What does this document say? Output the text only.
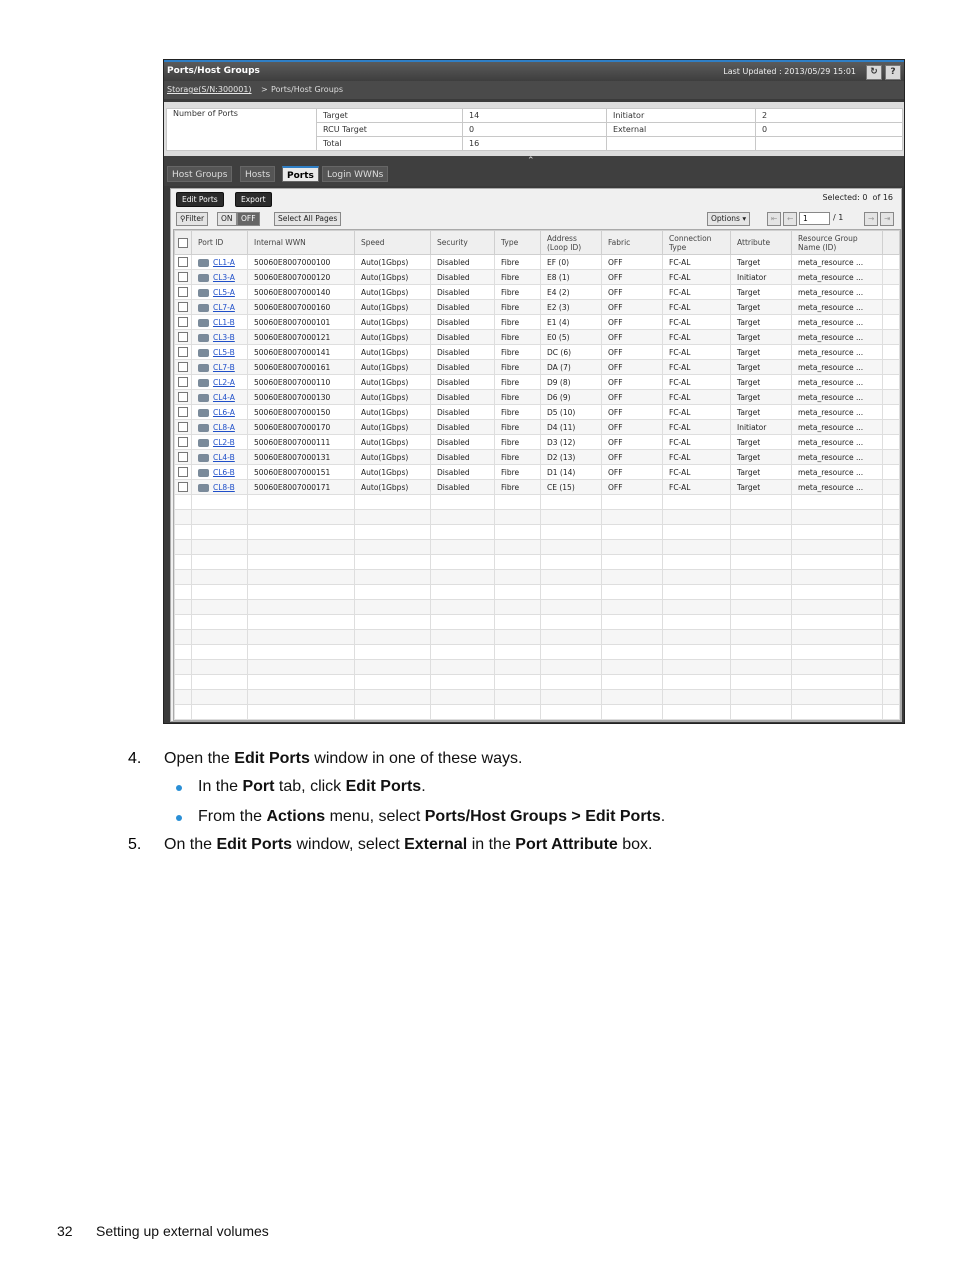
Ports/Host Groups	Last Updated : 2013/05/29 15:01	↻	?
Storage(S/N:300001) > Ports/Host Groups
Number of Ports	Target	14	Initiator	2
	RCU Target	0	External	0
	Total	16		
⌃
Host Groups	Hosts	Ports	Login WWNs
Edit Ports	Export	Selected: 0 of 16
⚲Filter	ON	OFF	Select All Pages	Options ▾	⇤	←	1	/ 1	→	⇥
	Port ID	Internal WWN	Speed	Security	Type	Address (Loop ID)	Fabric	Connection Type	Attribute	Resource Group Name (ID)	
	CL1-A	50060E8007000100	Auto(1Gbps)	Disabled	Fibre	EF (0)	OFF	FC-AL	Target	meta_resource ...	
	CL3-A	50060E8007000120	Auto(1Gbps)	Disabled	Fibre	E8 (1)	OFF	FC-AL	Initiator	meta_resource ...	
	CL5-A	50060E8007000140	Auto(1Gbps)	Disabled	Fibre	E4 (2)	OFF	FC-AL	Target	meta_resource ...	
	CL7-A	50060E8007000160	Auto(1Gbps)	Disabled	Fibre	E2 (3)	OFF	FC-AL	Target	meta_resource ...	
	CL1-B	50060E8007000101	Auto(1Gbps)	Disabled	Fibre	E1 (4)	OFF	FC-AL	Target	meta_resource ...	
	CL3-B	50060E8007000121	Auto(1Gbps)	Disabled	Fibre	E0 (5)	OFF	FC-AL	Target	meta_resource ...	
	CL5-B	50060E8007000141	Auto(1Gbps)	Disabled	Fibre	DC (6)	OFF	FC-AL	Target	meta_resource ...	
	CL7-B	50060E8007000161	Auto(1Gbps)	Disabled	Fibre	DA (7)	OFF	FC-AL	Target	meta_resource ...	
	CL2-A	50060E8007000110	Auto(1Gbps)	Disabled	Fibre	D9 (8)	OFF	FC-AL	Target	meta_resource ...	
	CL4-A	50060E8007000130	Auto(1Gbps)	Disabled	Fibre	D6 (9)	OFF	FC-AL	Target	meta_resource ...	
	CL6-A	50060E8007000150	Auto(1Gbps)	Disabled	Fibre	D5 (10)	OFF	FC-AL	Target	meta_resource ...	
	CL8-A	50060E8007000170	Auto(1Gbps)	Disabled	Fibre	D4 (11)	OFF	FC-AL	Initiator	meta_resource ...	
	CL2-B	50060E8007000111	Auto(1Gbps)	Disabled	Fibre	D3 (12)	OFF	FC-AL	Target	meta_resource ...	
	CL4-B	50060E8007000131	Auto(1Gbps)	Disabled	Fibre	D2 (13)	OFF	FC-AL	Target	meta_resource ...	
	CL6-B	50060E8007000151	Auto(1Gbps)	Disabled	Fibre	D1 (14)	OFF	FC-AL	Target	meta_resource ...	
	CL8-B	50060E8007000171	Auto(1Gbps)	Disabled	Fibre	CE (15)	OFF	FC-AL	Target	meta_resource ...	

4. Open the Edit Ports window in one of these ways.
In the Port tab, click Edit Ports.
From the Actions menu, select Ports/Host Groups > Edit Ports.
5. On the Edit Ports window, select External in the Port Attribute box.
32 Setting up external volumes
